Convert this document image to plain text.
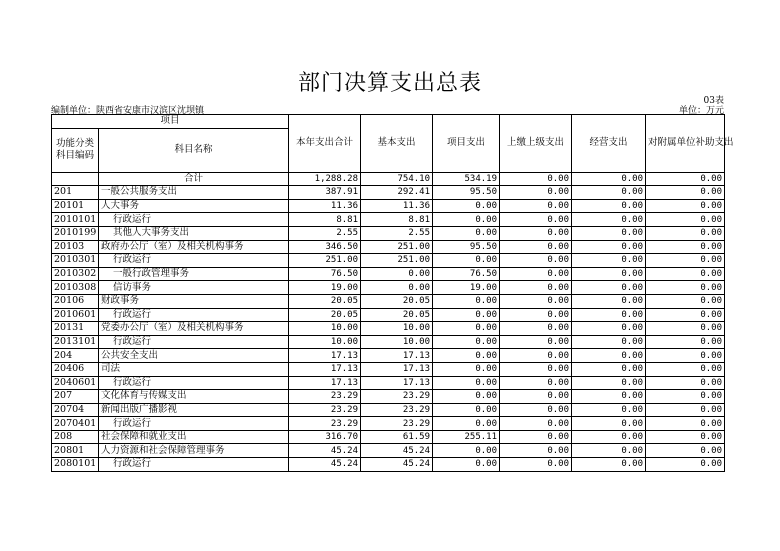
部门决算支出总表
03表
编制单位：陕西省安康市汉滨区沈坝镇	单位：万元
项目		本年支出合计	基本支出	项目支出	上缴上级支出	经营支出	对附属单位补助支出
功能分类科目编码	科目名称						
	合计	1,288.28	754.10	534.19	0.00	0.00	0.00
201	一般公共服务支出	387.91	292.41	95.50	0.00	0.00	0.00
20101	人大事务	11.36	11.36	0.00	0.00	0.00	0.00
2010101	行政运行	8.81	8.81	0.00	0.00	0.00	0.00
2010199	其他人大事务支出	2.55	2.55	0.00	0.00	0.00	0.00
20103	政府办公厅（室）及相关机构事务	346.50	251.00	95.50	0.00	0.00	0.00
2010301	行政运行	251.00	251.00	0.00	0.00	0.00	0.00
2010302	一般行政管理事务	76.50	0.00	76.50	0.00	0.00	0.00
2010308	信访事务	19.00	0.00	19.00	0.00	0.00	0.00
20106	财政事务	20.05	20.05	0.00	0.00	0.00	0.00
2010601	行政运行	20.05	20.05	0.00	0.00	0.00	0.00
20131	党委办公厅（室）及相关机构事务	10.00	10.00	0.00	0.00	0.00	0.00
2013101	行政运行	10.00	10.00	0.00	0.00	0.00	0.00
204	公共安全支出	17.13	17.13	0.00	0.00	0.00	0.00
20406	司法	17.13	17.13	0.00	0.00	0.00	0.00
2040601	行政运行	17.13	17.13	0.00	0.00	0.00	0.00
207	文化体育与传媒支出	23.29	23.29	0.00	0.00	0.00	0.00
20704	新闻出版广播影视	23.29	23.29	0.00	0.00	0.00	0.00
2070401	行政运行	23.29	23.29	0.00	0.00	0.00	0.00
208	社会保障和就业支出	316.70	61.59	255.11	0.00	0.00	0.00
20801	人力资源和社会保障管理事务	45.24	45.24	0.00	0.00	0.00	0.00
2080101	行政运行	45.24	45.24	0.00	0.00	0.00	0.00
